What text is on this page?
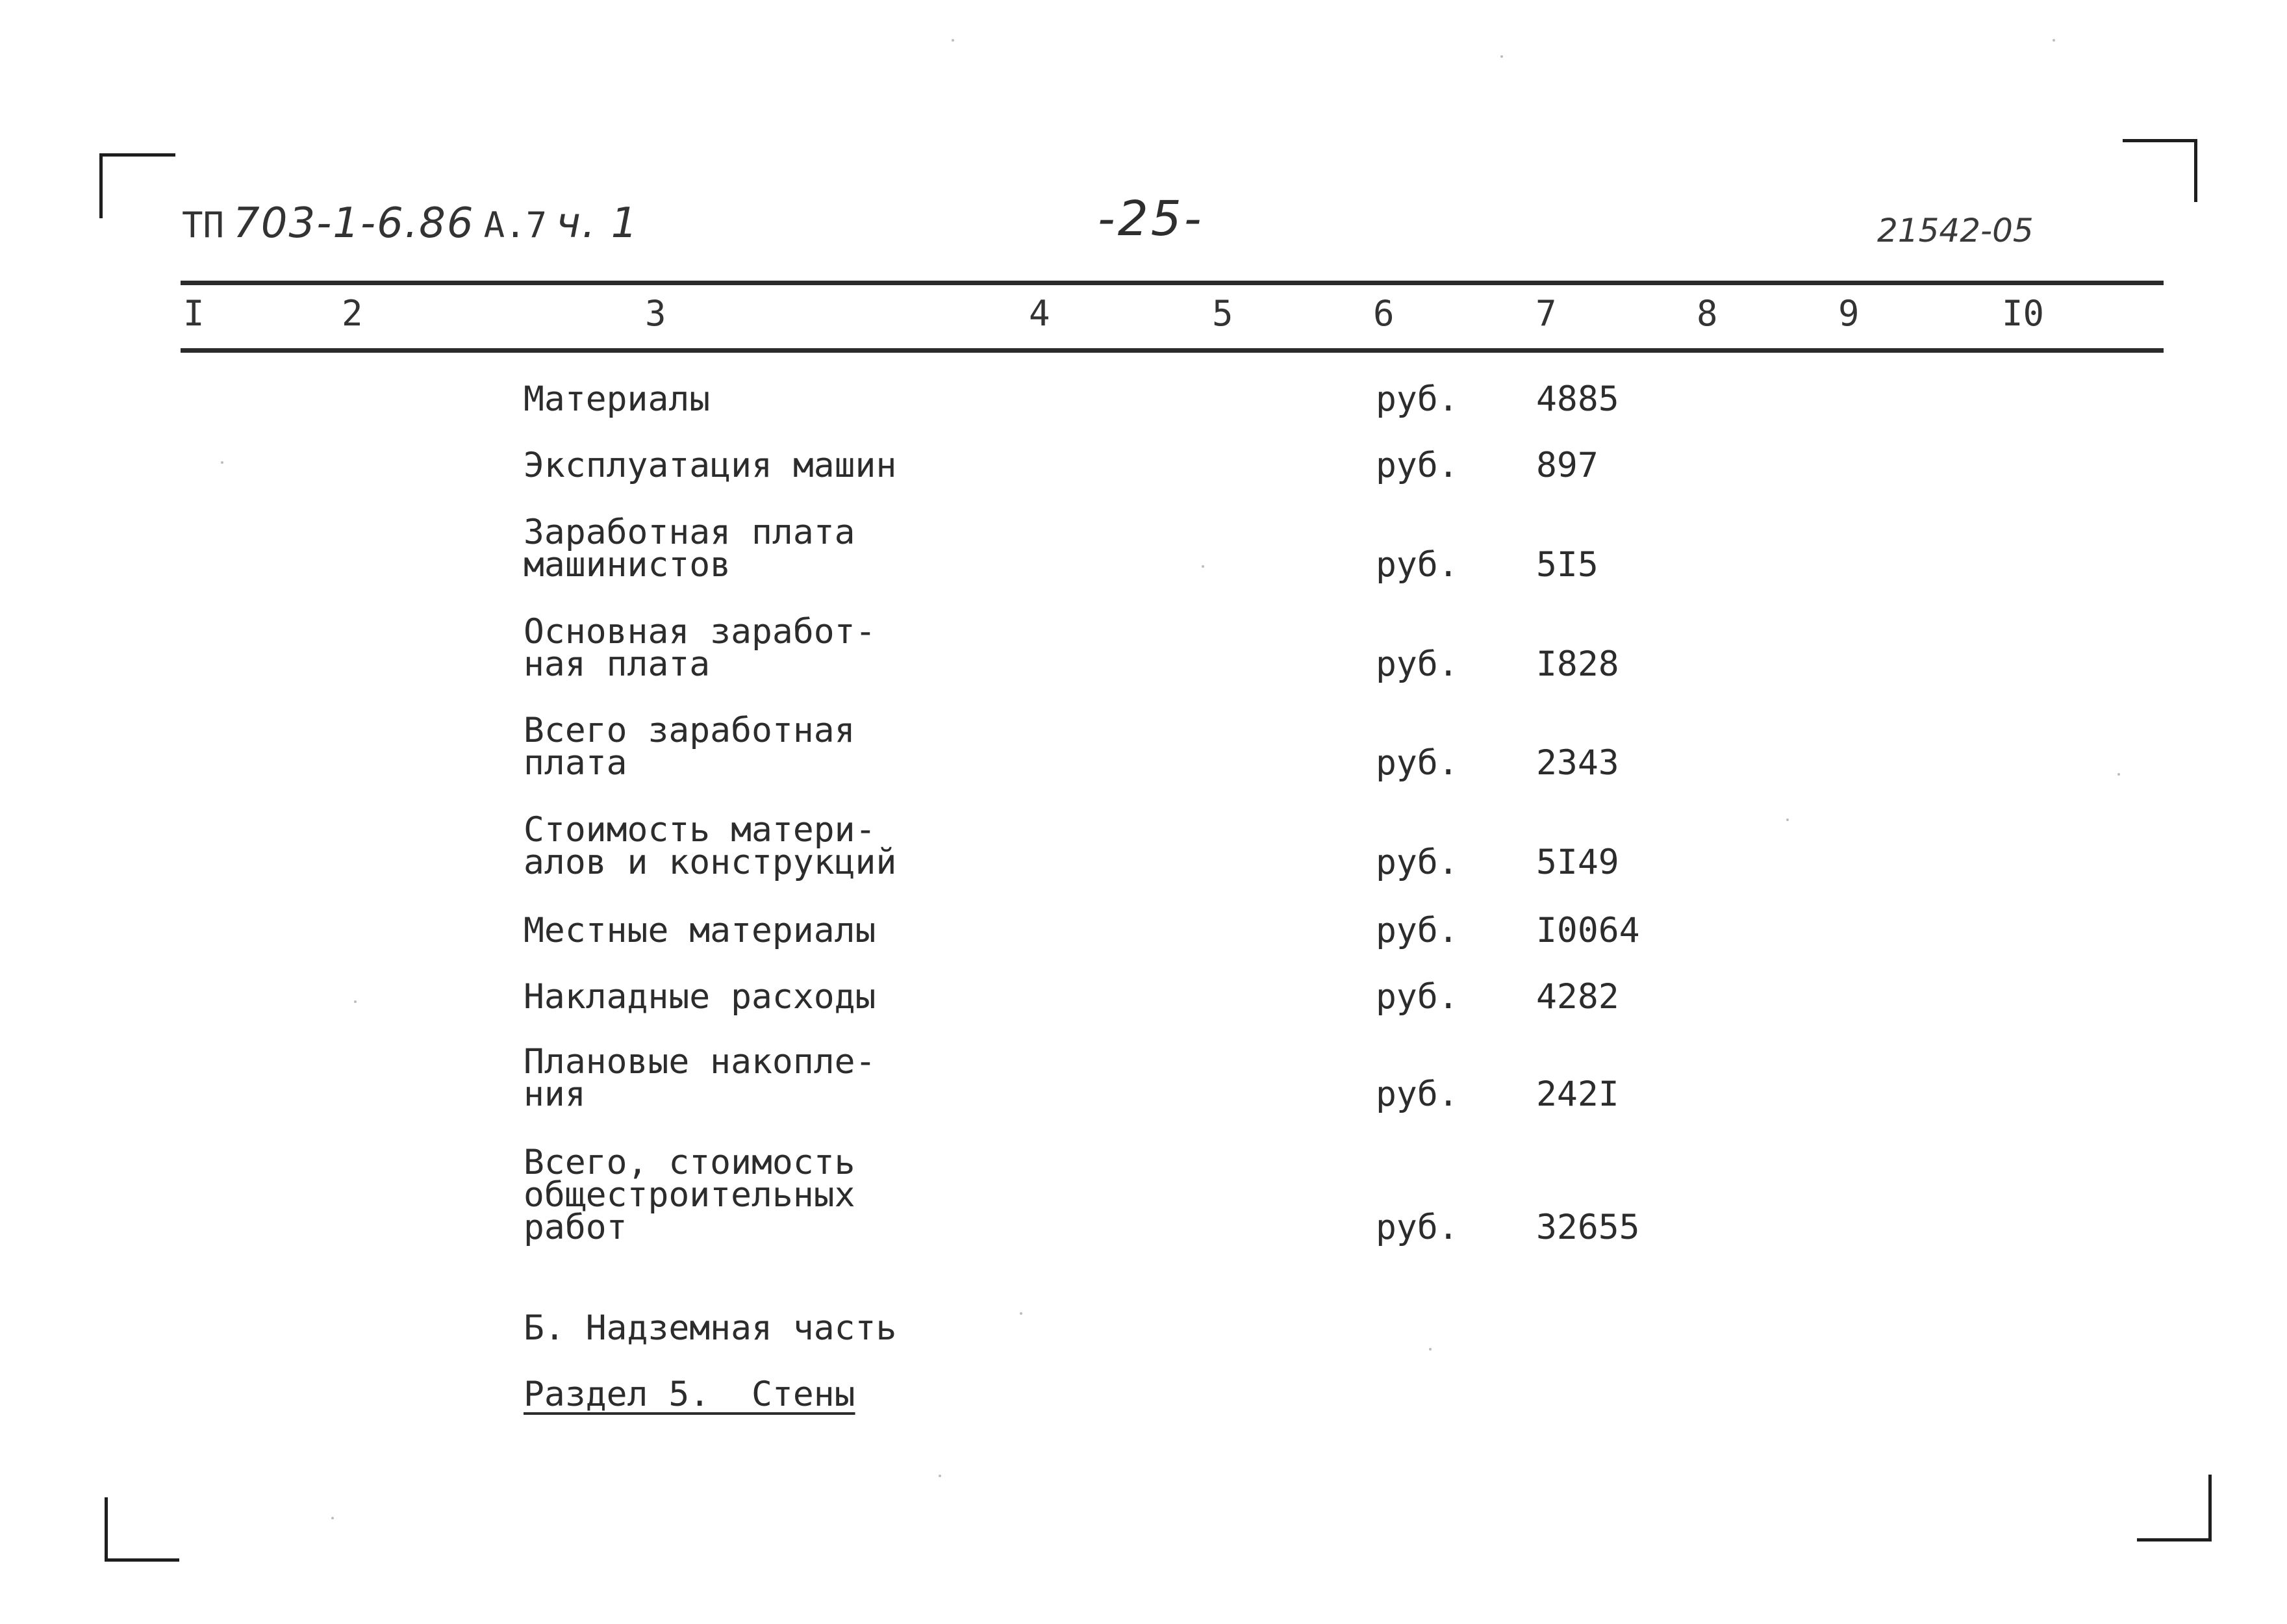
ТП 703-1-6.86 А.7 ч. 1	-25-	21542-05
I	2	3	4	5	6	7	8	9	I0
Материалы	руб. 4885
Эксплуатация машин	руб. 897
Заработная плата
машинистов	руб. 5I5
Основная заработ-
ная плата	руб. I828
Всего заработная
плата	руб. 2343
Стоимость матери-
алов и конструкций	руб. 5I49
Местные материалы	руб. I0064
Накладные расходы	руб. 4282
Плановые накопле-
ния	руб. 242I
Всего, стоимость
общестроительных
работ	руб. 32655
Б. Надземная часть
Раздел 5.  Стены
